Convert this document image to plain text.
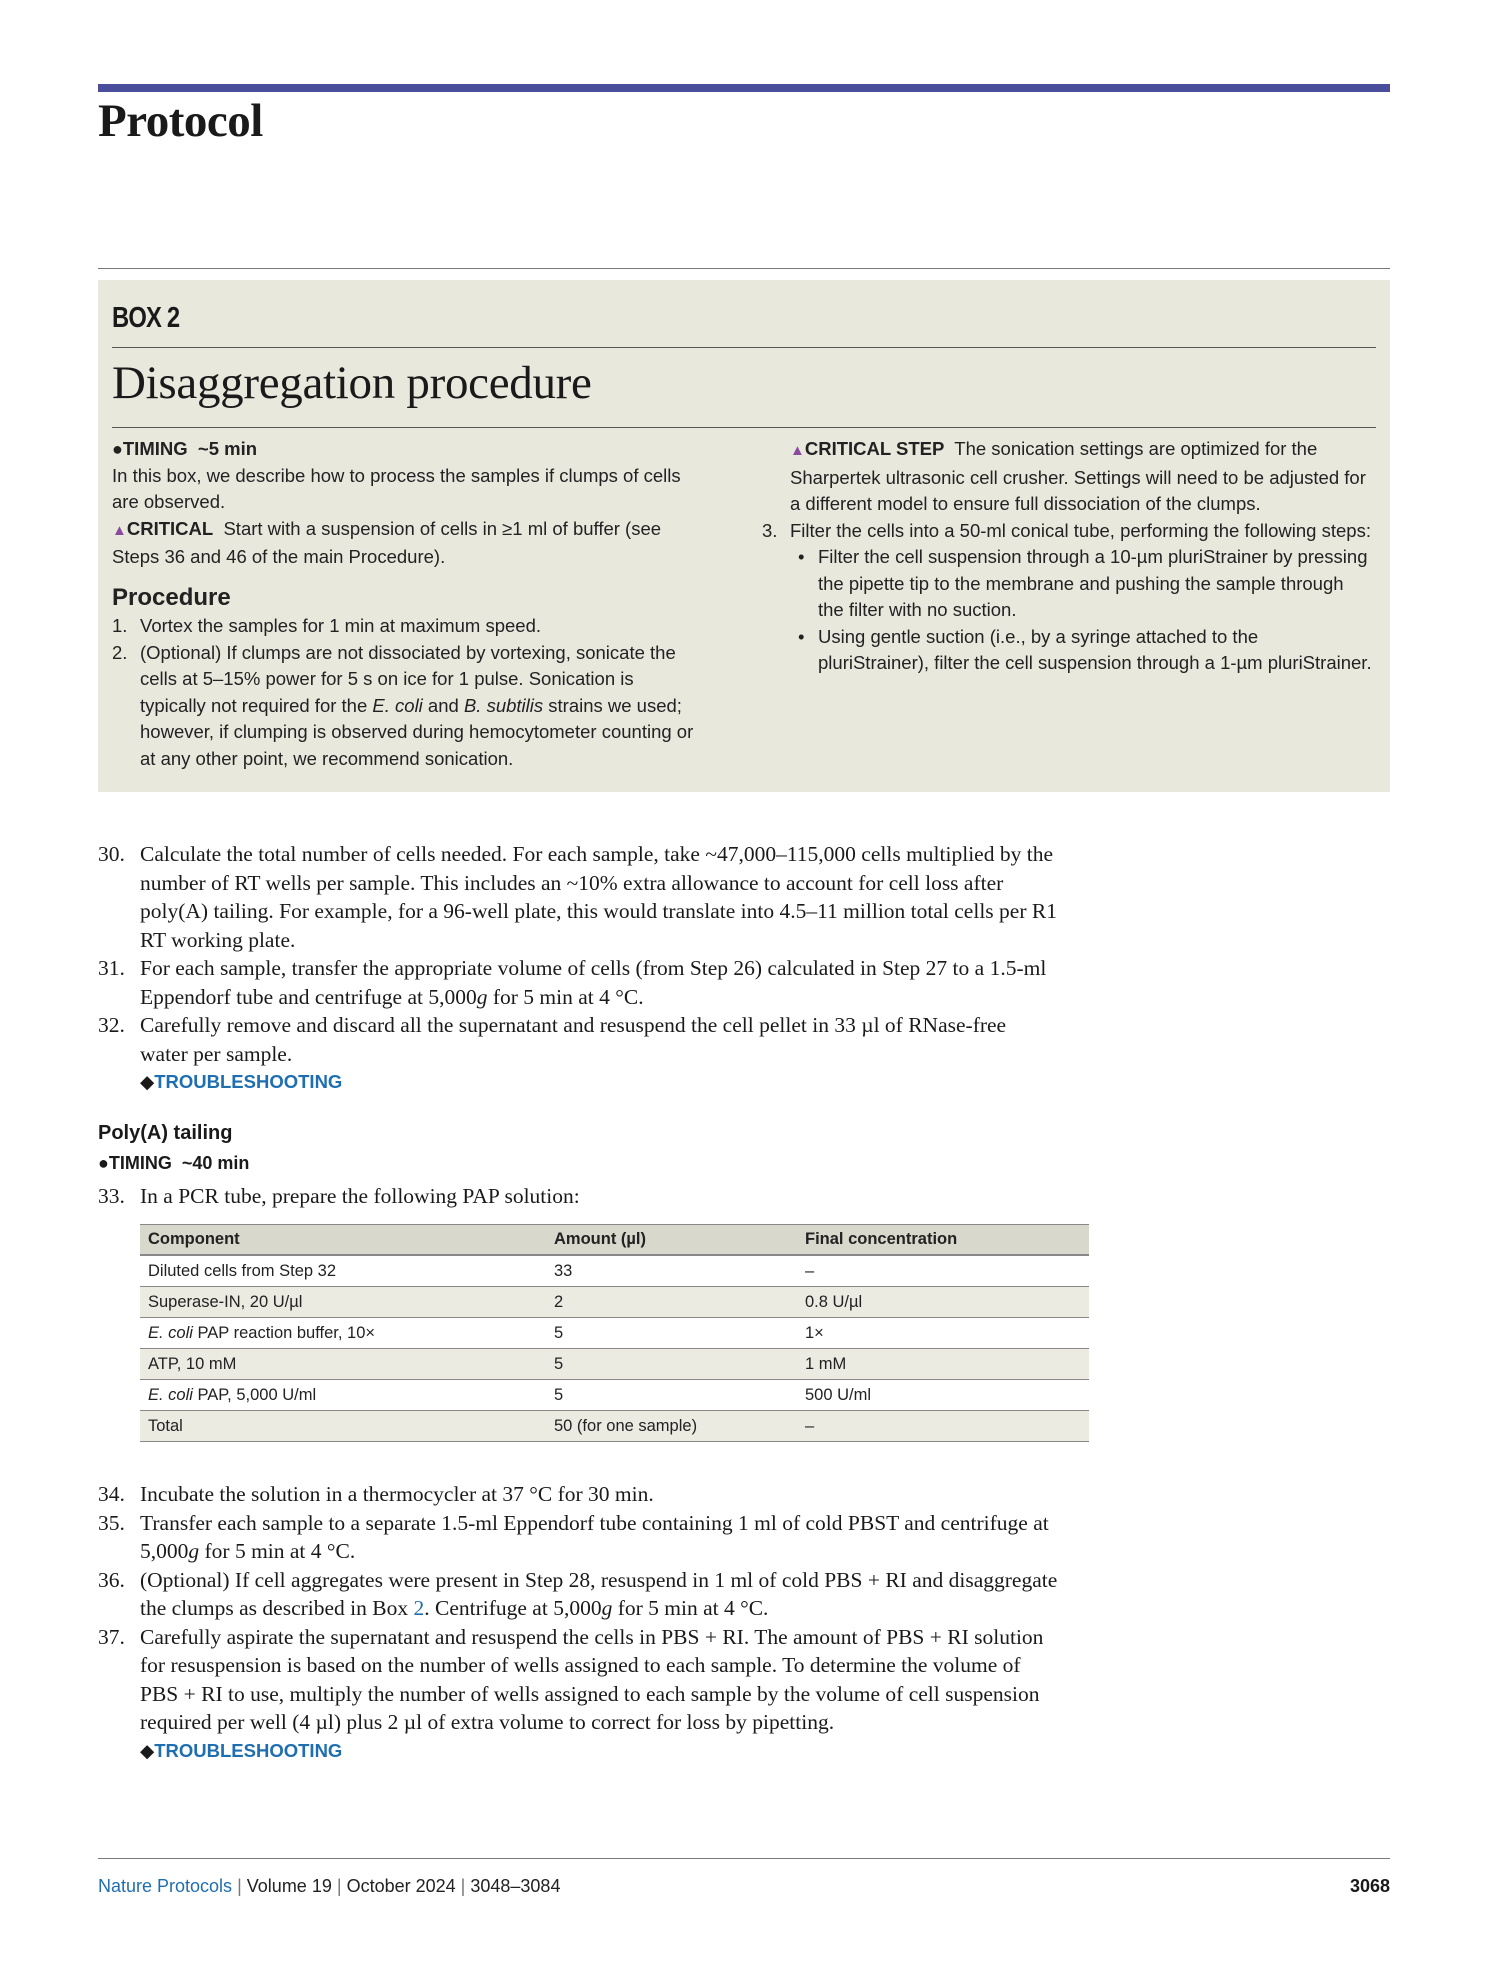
Protocol
BOX 2
Disaggregation procedure

●TIMING ~5 min

In this box, we describe how to process the samples if clumps of cells are observed.

▲CRITICAL Start with a suspension of cells in ≥1 ml of buffer (see Steps 36 and 46 of the main Procedure).

Procedure

1. Vortex the samples for 1 min at maximum speed.
2. (Optional) If clumps are not dissociated by vortexing, sonicate the cells at 5–15% power for 5 s on ice for 1 pulse. Sonication is typically not required for the E. coli and B. subtilis strains we used; however, if clumping is observed during hemocytometer counting or at any other point, we recommend sonication.

▲CRITICAL STEP The sonication settings are optimized for the Sharpertek ultrasonic cell crusher. Settings will need to be adjusted for a different model to ensure full dissociation of the clumps.

3. Filter the cells into a 50-ml conical tube, performing the following steps:
• Filter the cell suspension through a 10-µm pluriStrainer by pressing the pipette tip to the membrane and pushing the sample through the filter with no suction.
• Using gentle suction (i.e., by a syringe attached to the pluriStrainer), filter the cell suspension through a 1-µm pluriStrainer.
30. Calculate the total number of cells needed. For each sample, take ~47,000–115,000 cells multiplied by the number of RT wells per sample. This includes an ~10% extra allowance to account for cell loss after poly(A) tailing. For example, for a 96-well plate, this would translate into 4.5–11 million total cells per R1 RT working plate.
31. For each sample, transfer the appropriate volume of cells (from Step 26) calculated in Step 27 to a 1.5-ml Eppendorf tube and centrifuge at 5,000g for 5 min at 4 °C.
32. Carefully remove and discard all the supernatant and resuspend the cell pellet in 33 µl of RNase-free water per sample.
◆TROUBLESHOOTING
Poly(A) tailing
●TIMING ~40 min
33. In a PCR tube, prepare the following PAP solution:
Component	Amount (µl)	Final concentration
Diluted cells from Step 32	33	–
Superase-IN, 20 U/µl	2	0.8 U/µl
E. coli PAP reaction buffer, 10×	5	1×
ATP, 10 mM	5	1 mM
E. coli PAP, 5,000 U/ml	5	500 U/ml
Total	50 (for one sample)	–
34. Incubate the solution in a thermocycler at 37 °C for 30 min.
35. Transfer each sample to a separate 1.5-ml Eppendorf tube containing 1 ml of cold PBST and centrifuge at 5,000g for 5 min at 4 °C.
36. (Optional) If cell aggregates were present in Step 28, resuspend in 1 ml of cold PBS + RI and disaggregate the clumps as described in Box 2. Centrifuge at 5,000g for 5 min at 4 °C.
37. Carefully aspirate the supernatant and resuspend the cells in PBS + RI. The amount of PBS + RI solution for resuspension is based on the number of wells assigned to each sample. To determine the volume of PBS + RI to use, multiply the number of wells assigned to each sample by the volume of cell suspension required per well (4 µl) plus 2 µl of extra volume to correct for loss by pipetting.
◆TROUBLESHOOTING
Nature Protocols | Volume 19 | October 2024 | 3048–3084	3068
